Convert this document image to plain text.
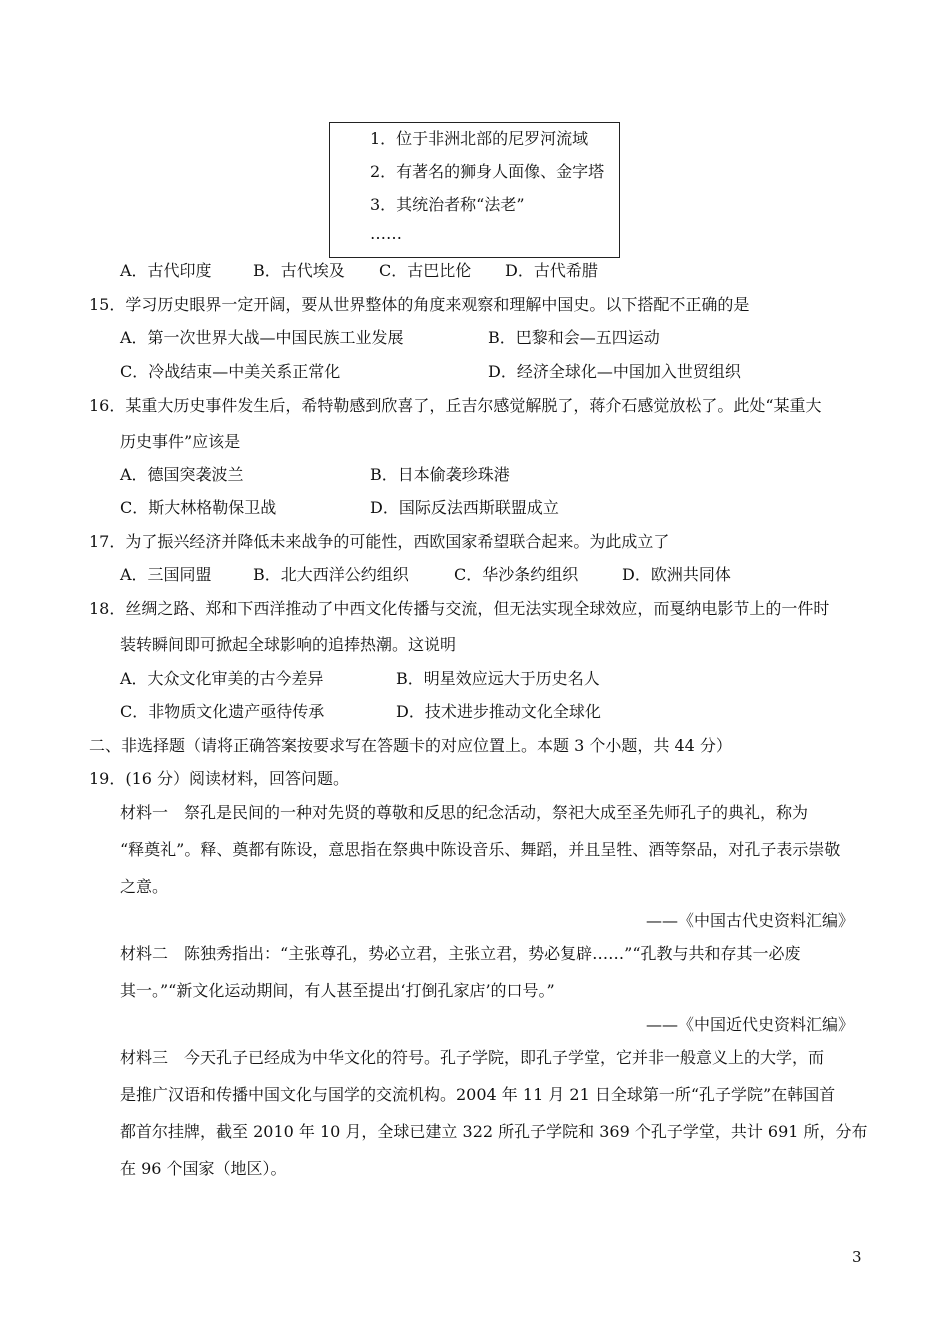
1．位于非洲北部的尼罗河流域
2．有著名的狮身人面像、金字塔
3．其统治者称“法老”
……
A．古代印度	B．古代埃及 C．古巴比伦 D．古代希腊
15．学习历史眼界一定开阔，要从世界整体的角度来观察和理解中国史。以下搭配不正确的是
A．第一次世界大战—中国民族工业发展	B．巴黎和会—五四运动
C．冷战结束—中美关系正常化	D．经济全球化—中国加入世贸组织
16．某重大历史事件发生后，希特勒感到欣喜了，丘吉尔感觉解脱了，蒋介石感觉放松了。此处“某重大
历史事件”应该是
A．德国突袭波兰	B．日本偷袭珍珠港
C．斯大林格勒保卫战	D．国际反法西斯联盟成立
17．为了振兴经济并降低未来战争的可能性，西欧国家希望联合起来。为此成立了
A．三国同盟	B．北大西洋公约组织	C．华沙条约组织	D．欧洲共同体
18．丝绸之路、郑和下西洋推动了中西文化传播与交流，但无法实现全球效应，而戛纳电影节上的一件时
装转瞬间即可掀起全球影响的追捧热潮。这说明
A．大众文化审美的古今差异	B．明星效应远大于历史名人
C．非物质文化遗产亟待传承	D．技术进步推动文化全球化
二、非选择题（请将正确答案按要求写在答题卡的对应位置上。本题 3 个小题，共 44 分）
19．(16 分）阅读材料，回答问题。
材料一　祭孔是民间的一种对先贤的尊敬和反思的纪念活动，祭祀大成至圣先师孔子的典礼，称为
“释奠礼”。释、奠都有陈设，意思指在祭典中陈设音乐、舞蹈，并且呈牲、酒等祭品，对孔子表示崇敬
之意。
——《中国古代史资料汇编》
材料二　陈独秀指出：“主张尊孔，势必立君，主张立君，势必复辟……”“孔教与共和存其一必废
其一。”“新文化运动期间，有人甚至提出‘打倒孔家店’的口号。”
——《中国近代史资料汇编》
材料三　今天孔子已经成为中华文化的符号。孔子学院，即孔子学堂，它并非一般意义上的大学，而
是推广汉语和传播中国文化与国学的交流机构。2004 年 11 月 21 日全球第一所“孔子学院”在韩国首
都首尔挂牌，截至 2010 年 10 月，全球已建立 322 所孔子学院和 369 个孔子学堂，共计 691 所，分布
在 96 个国家（地区）。
3
